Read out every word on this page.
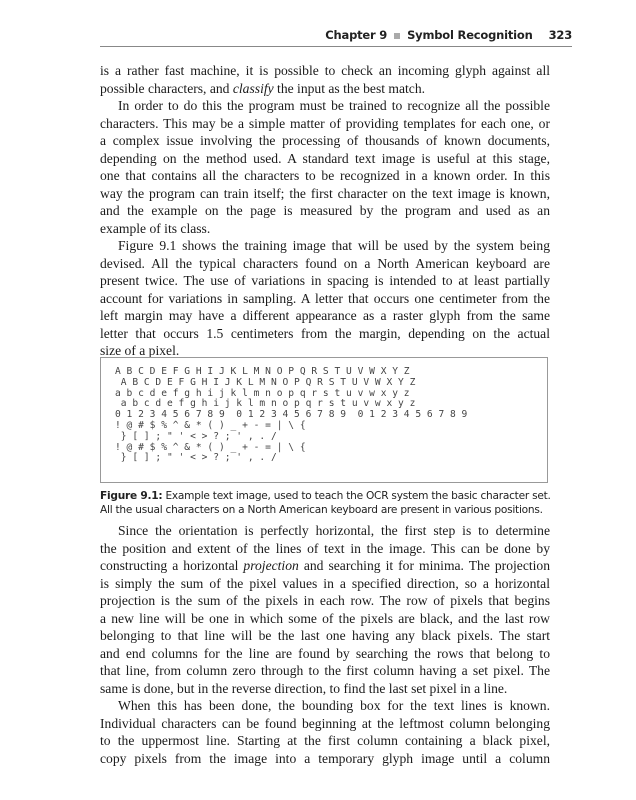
Chapter 9 Symbol Recognition 323
is a rather fast machine, it is possible to check an incoming glyph against all
possible characters, and classify the input as the best match.
In order to do this the program must be trained to recognize all the possible
characters. This may be a simple matter of providing templates for each one, or
a complex issue involving the processing of thousands of known documents,
depending on the method used. A standard text image is useful at this stage,
one that contains all the characters to be recognized in a known order. In this
way the program can train itself; the first character on the text image is known,
and the example on the page is measured by the program and used as an
example of its class.
Figure 9.1 shows the training image that will be used by the system being
devised. All the typical characters found on a North American keyboard are
present twice. The use of variations in spacing is intended to at least partially
account for variations in sampling. A letter that occurs one centimeter from the
left margin may have a different appearance as a raster glyph from the same
letter that occurs 1.5 centimeters from the margin, depending on the actual
size of a pixel.
A B C D E F G H I J K L M N O P Q R S T U V W X Y Z
A B C D E F G H I J K L M N O P Q R S T U V W X Y Z
a b c d e f g h i j k l m n o p q r s t u v w x y z
a b c d e f g h i j k l m n o p q r s t u v w x y z
0 1 2 3 4 5 6 7 8 9  0 1 2 3 4 5 6 7 8 9  0 1 2 3 4 5 6 7 8 9
! @ # $ % ^ & * ( ) _ + - = | \ {
} [ ] ; " ' < > ? ; ' , . /
! @ # $ % ^ & * ( ) _ + - = | \ {
} [ ] ; " ' < > ? ; ' , . /
Figure 9.1: Example text image, used to teach the OCR system the basic character set. All the usual characters on a North American keyboard are present in various positions.
Since the orientation is perfectly horizontal, the first step is to determine
the position and extent of the lines of text in the image. This can be done by
constructing a horizontal projection and searching it for minima. The projection
is simply the sum of the pixel values in a specified direction, so a horizontal
projection is the sum of the pixels in each row. The row of pixels that begins
a new line will be one in which some of the pixels are black, and the last row
belonging to that line will be the last one having any black pixels. The start
and end columns for the line are found by searching the rows that belong to
that line, from column zero through to the first column having a set pixel. The
same is done, but in the reverse direction, to find the last set pixel in a line.
When this has been done, the bounding box for the text lines is known.
Individual characters can be found beginning at the leftmost column belonging
to the uppermost line. Starting at the first column containing a black pixel,
copy pixels from the image into a temporary glyph image until a column
